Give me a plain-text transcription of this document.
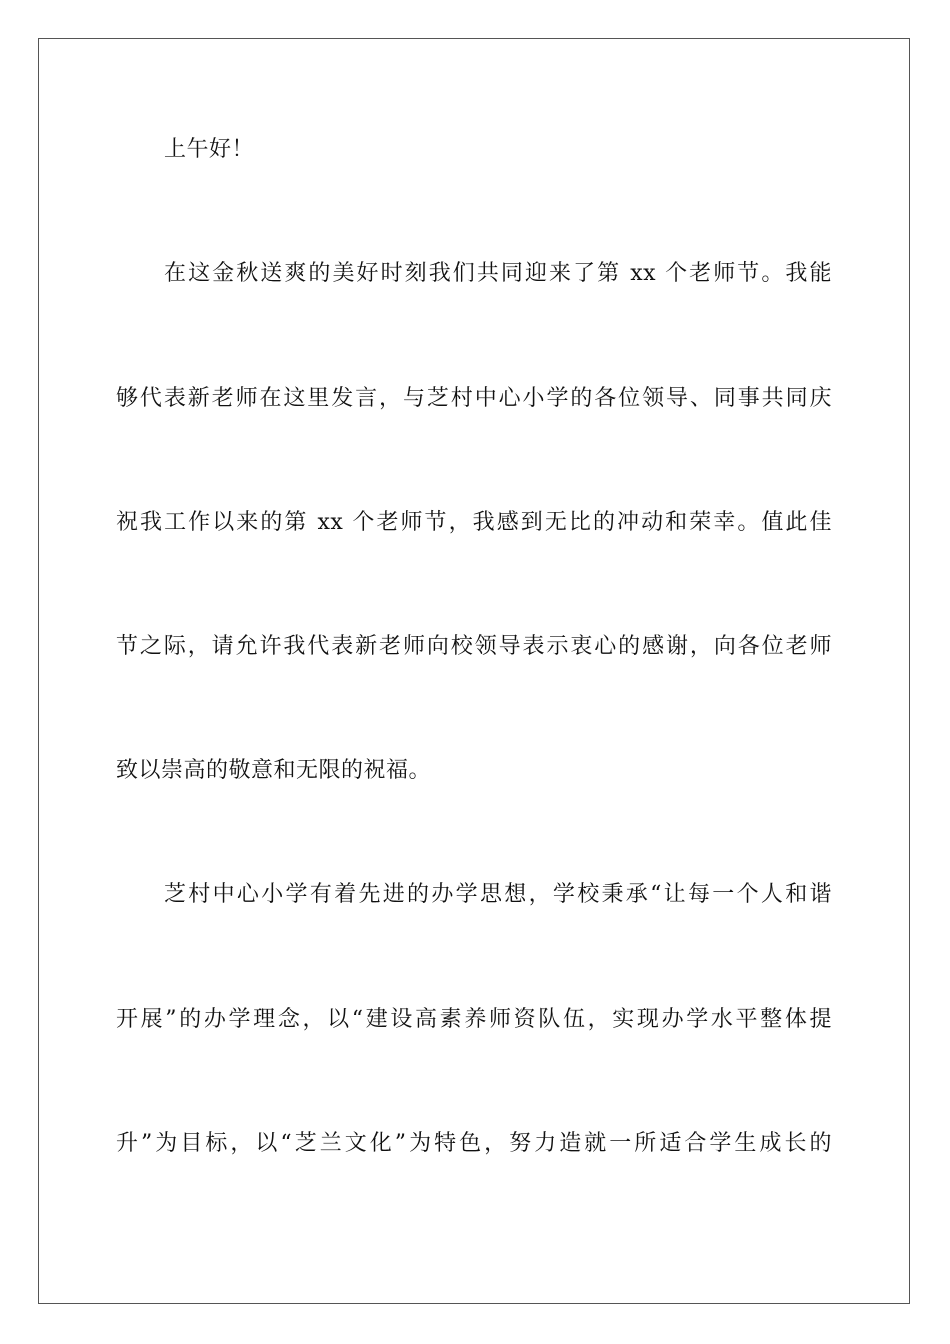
上午好！
在这金秋送爽的美好时刻我们共同迎来了第 xx 个老师节。我能
够代表新老师在这里发言，与芝村中心小学的各位领导、同事共同庆
祝我工作以来的第 xx 个老师节，我感到无比的冲动和荣幸。值此佳
节之际，请允许我代表新老师向校领导表示衷心的感谢，向各位老师
致以崇高的敬意和无限的祝福。
芝村中心小学有着先进的办学思想，学校秉承“让每一个人和谐
开展”的办学理念，以“建设高素养师资队伍，实现办学水平整体提
升”为目标，以“芝兰文化”为特色，努力造就一所适合学生成长的
